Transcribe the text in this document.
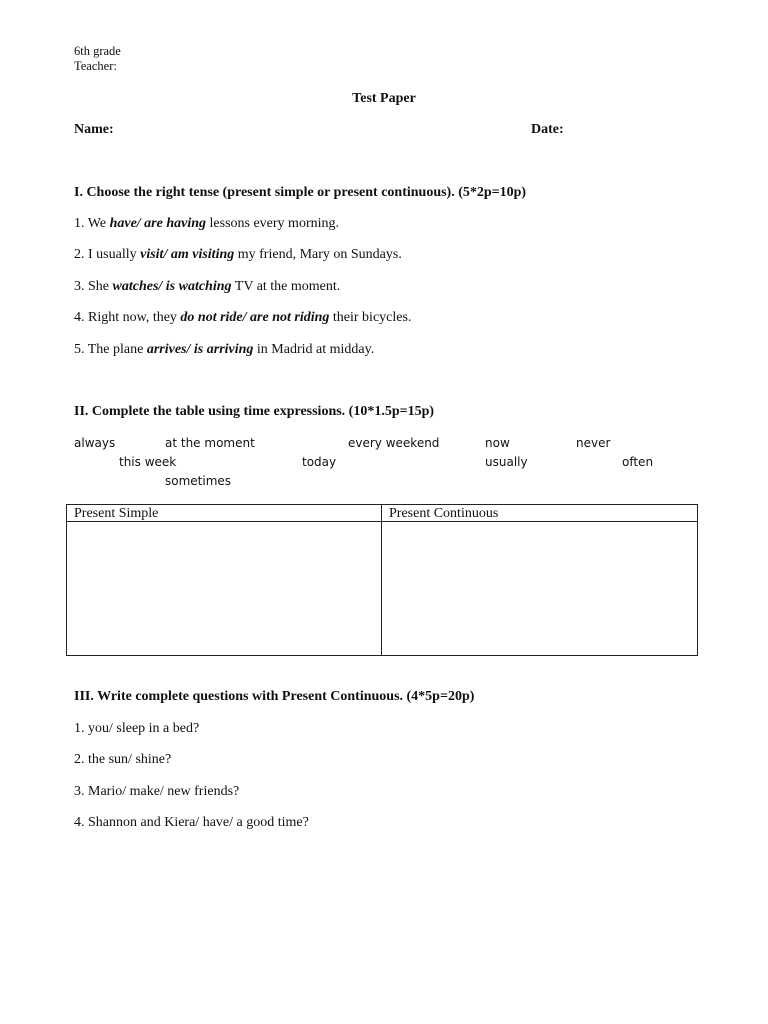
6th grade
Teacher:
Test Paper
Name:	Date:
I. Choose the right tense (present simple or present continuous). (5*2p=10p)
1. We have/ are having lessons every morning.
2. I usually visit/ am visiting my friend, Mary on Sundays.
3. She watches/ is watching TV at the moment.
4. Right now, they do not ride/ are not riding their bicycles.
5. The plane arrives/ is arriving in Madrid at midday.
II. Complete the table using time expressions. (10*1.5p=15p)
always	at the moment	every weekend	now	never
this week	today	usually	often
sometimes
Present Simple	Present Continuous
III. Write complete questions with Present Continuous. (4*5p=20p)
1. you/ sleep in a bed?
2. the sun/ shine?
3. Mario/ make/ new friends?
4. Shannon and Kiera/ have/ a good time?
